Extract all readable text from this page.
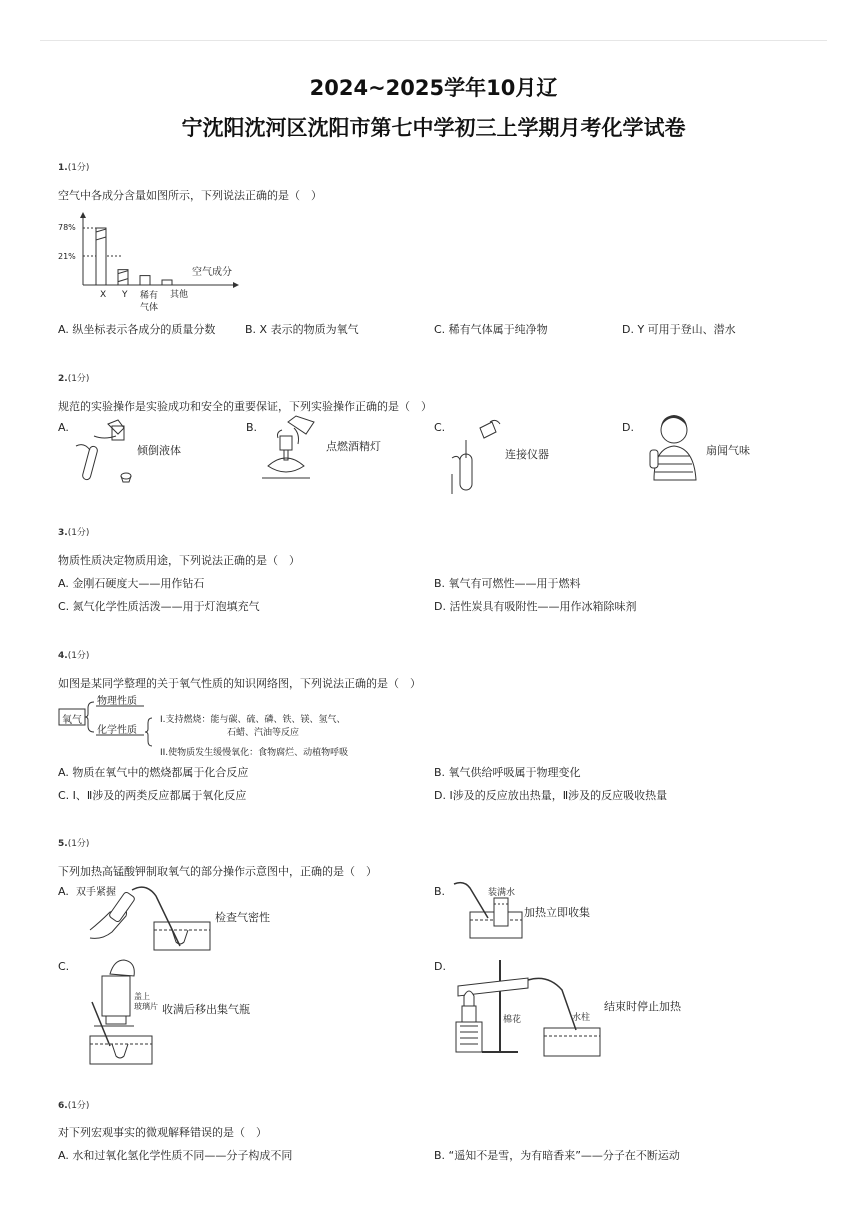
2024~2025学年10月辽
宁沈阳沈河区沈阳市第七中学初三上学期月考化学试卷
1.(1分)
空气中各成分含量如图所示，下列说法正确的是（　）
78%
21%
X Y 稀有
气体
其他
空气成分
A. 纵坐标表示各成分的质量分数	B. X 表示的物质为氧气	C. 稀有气体属于纯净物	D. Y 可用于登山、潜水
2.(1分)
规范的实验操作是实验成功和安全的重要保证，下列实验操作正确的是（　）
A.
倾倒液体
B.
点燃酒精灯
C.
连接仪器
D.
扇闻气味
3.(1分)
物质性质决定物质用途，下列说法正确的是（　）
A. 金刚石硬度大——用作钻石	B. 氧气有可燃性——用于燃料
C. 氮气化学性质活泼——用于灯泡填充气	D. 活性炭具有吸附性——用作冰箱除味剂
4.(1分)
如图是某同学整理的关于氧气性质的知识网络图，下列说法正确的是（　）
氧气
物理性质
化学性质
I.支持燃烧：能与碳、硫、磷、铁、镁、氢气、
石蜡、汽油等反应
II.使物质发生缓慢氧化：食物腐烂、动植物呼吸
A. 物质在氧气中的燃烧都属于化合反应	B. 氧气供给呼吸属于物理变化
C. Ⅰ、Ⅱ涉及的两类反应都属于氧化反应	D. Ⅰ涉及的反应放出热量，Ⅱ涉及的反应吸收热量
5.(1分)
下列加热高锰酸钾制取氧气的部分操作示意图中，正确的是（　）
A. 双手紧握
检查气密性
B.	装满水
加热立即收集
C.
盖上
玻璃片 收满后移出集气瓶
D.
棉花	水柱
结束时停止加热
6.(1分)
对下列宏观事实的微观解释错误的是（　）
A. 水和过氧化氢化学性质不同——分子构成不同	B. “遥知不是雪，为有暗香来”——分子在不断运动
